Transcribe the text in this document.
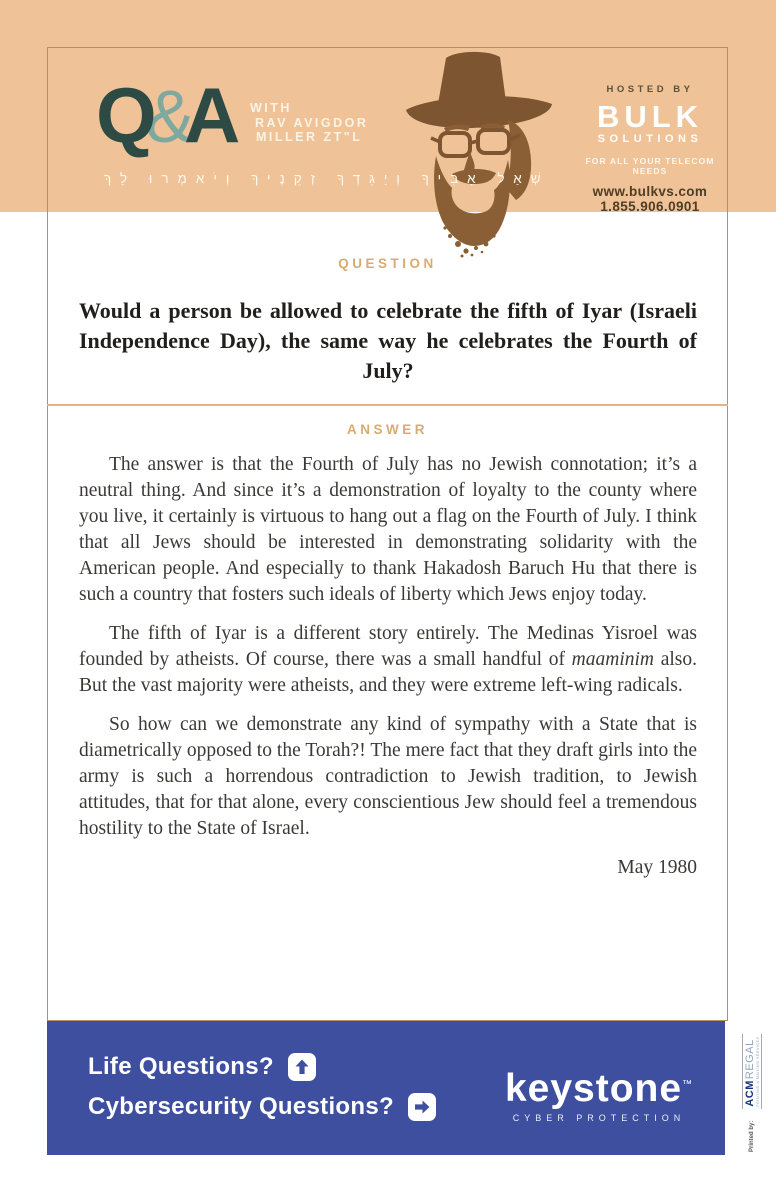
Q&A WITH
RAV AVIGDOR
MILLER ZT"L
שְׁאַל אָבִיךָ וְיַגֵּדְךָ זְקֵנֶיךָ וְיֹאמְרוּ לָךְ
HOSTED BY
BULK
SOLUTIONS
FOR ALL YOUR TELECOM NEEDS
www.bulkvs.com
1.855.906.0901
QUESTION
Would a person be allowed to celebrate the fifth of Iyar (Israeli Independence Day), the same way he celebrates the Fourth of July?
ANSWER

The answer is that the Fourth of July has no Jewish connotation; it’s a neutral thing. And since it’s a demonstration of loyalty to the county where you live, it certainly is virtuous to hang out a flag on the Fourth of July. I think that all Jews should be interested in demonstrating solidarity with the American people. And especially to thank Hakadosh Baruch Hu that there is such a country that fosters such ideals of liberty which Jews enjoy today.

The fifth of Iyar is a different story entirely. The Medinas Yisroel was founded by atheists. Of course, there was a small handful of maaminim also. But the vast majority were atheists, and they were extreme left-wing radicals.

So how can we demonstrate any kind of sympathy with a State that is diametrically opposed to the Torah?! The mere fact that they draft girls into the army is such a horrendous contradiction to Jewish tradition, to Jewish attitudes, that for that alone, every conscientious Jew should feel a tremendous hostility to the State of Israel.

May 1980
Life Questions?
Cybersecurity Questions?	keystone™
CYBER PROTECTION
Printed by:
ACM
REGAL PRINTING & MAILING SERVICES
